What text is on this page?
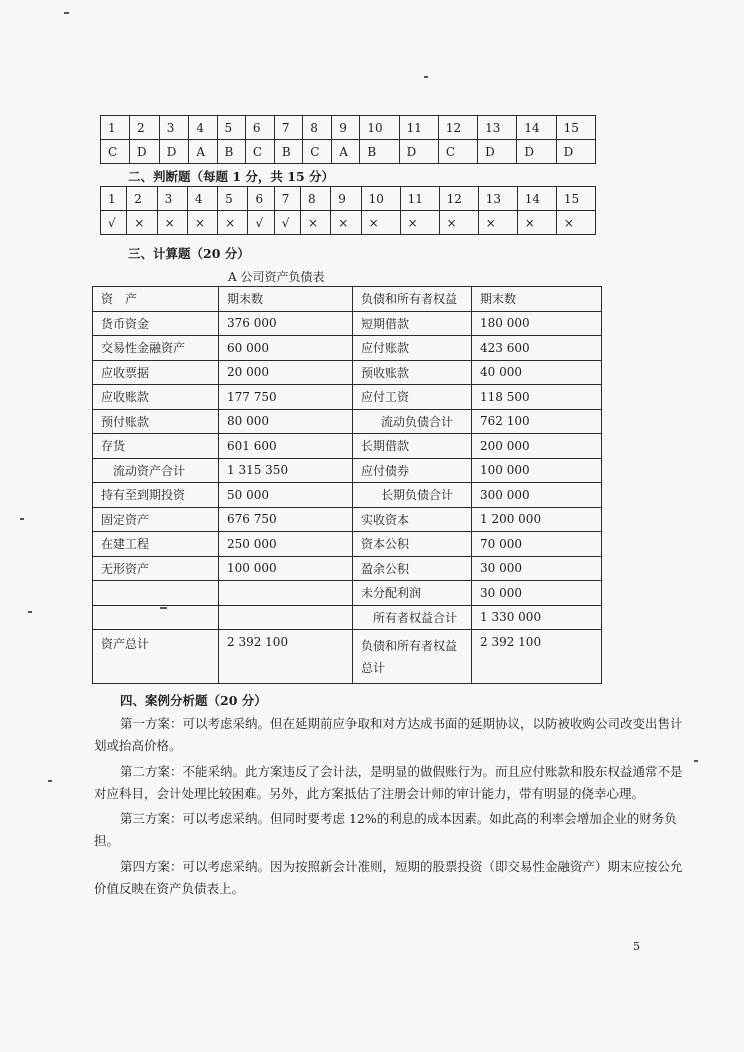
1	2	3	4	5	6	7	8	9	10	11	12	13	14	15
C	D	D	A	B	C	B	C	A	B	D	C	D	D	D
二、判断题（每题 1 分，共 15 分）
1	2	3	4	5	6	7	8	9	10	11	12	13	14	15
√	×	×	×	×	√	√	×	×	×	×	×	×	×	×
三、计算题（20 分）
A 公司资产负债表
资　产	期末数	负债和所有者权益	期末数
货币资金	376 000	短期借款	180 000
交易性金融资产	60 000	应付账款	423 600
应收票据	20 000	预收账款	40 000
应收账款	177 750	应付工资	118 500
预付账款	80 000	流动负债合计	762 100
存货	601 600	长期借款	200 000
流动资产合计	1 315 350	应付债券	100 000
持有至到期投资	50 000	长期负债合计	300 000
固定资产	676 750	实收资本	1 200 000
在建工程	250 000	资本公积	70 000
无形资产	100 000	盈余公积	30 000
		未分配利润	30 000
		所有者权益合计	1 330 000
资产总计	2 392 100	负债和所有者权益
总计	2 392 100
四、案例分析题（20 分）
第一方案：可以考虑采纳。但在延期前应争取和对方达成书面的延期协议，以防被收购公司改变出售计划或抬高价格。
第二方案：不能采纳。此方案违反了会计法，是明显的做假账行为。而且应付账款和股东权益通常不是对应科目，会计处理比较困难。另外，此方案抵估了注册会计师的审计能力，带有明显的侥幸心理。
第三方案：可以考虑采纳。但同时要考虑 12%的利息的成本因素。如此高的利率会增加企业的财务负担。
第四方案：可以考虑采纳。因为按照新会计准则，短期的股票投资（即交易性金融资产）期末应按公允价值反映在资产负债表上。
5
